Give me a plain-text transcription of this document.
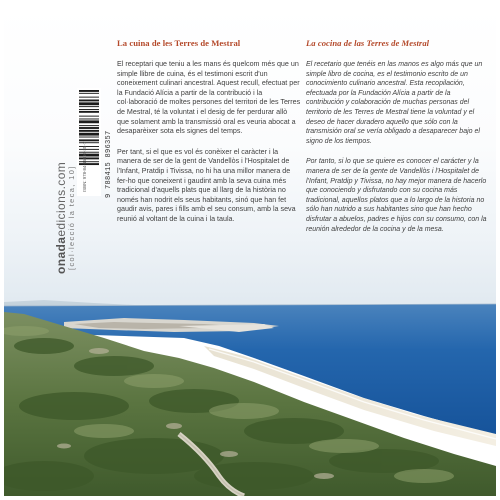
La cuina de les Terres de Mestral

El receptari que teniu a les mans és quelcom més que un simple llibre de cuina, és el testimoni escrit d'un coneixement culinari ancestral. Aquest recull, efectuat per la Fundació Alícia a partir de la contribució i la col·laboració de moltes persones del territori de les Terres de Mestral, té la voluntat i el desig de fer perdurar allò que solament amb la transmissió oral es veuria abocat a desaparèixer sota els signes del temps.

Per tant, si el que es vol és conèixer el caràcter i la manera de ser de la gent de Vandellòs i l'Hospitalet de l'Infant, Pratdip i Tivissa, no hi ha una millor manera de fer-ho que coneixent i gaudint amb la seva cuina més tradicional d'aquells plats que al llarg de la història no només han nodrit els seus habitants, sinó que han fet gaudir avis, pares i fills amb el seu consum, amb la seva reunió al voltant de la cuina i la taula.

La cocina de las Terres de Mestral

El recetario que tenéis en las manos es algo más que un simple libro de cocina, es el testimonio escrito de un conocimiento culinario ancestral. Esta recopilación, efectuada por la Fundación Alícia a partir de la contribución y colaboración de muchas personas del territorio de les Terres de Mestral tiene la voluntad y el deseo de hacer duradero aquello que sólo con la transmisión oral se vería obligado a desaparecer bajo el signo de los tiempos.

Por tanto, si lo que se quiere es conocer el carácter y la manera de ser de la gente de Vandellòs i l'Hospitalet de l'Infant, Pratdip y Tivissa, no hay mejor manera de hacerlo que conociendo y disfrutando con su cocina más tradicional, aquellos platos que a lo largo de la historia no sólo han nutrido a sus habitantes sino que han hecho disfrutar a abuelos, padres e hijos con su consumo, con la reunión alrededor de la cocina y de la mesa.

onadaedicions.com [col·lecció la teca, 10] ISBN: 978-84-15896-35-7	9 788415 896357
